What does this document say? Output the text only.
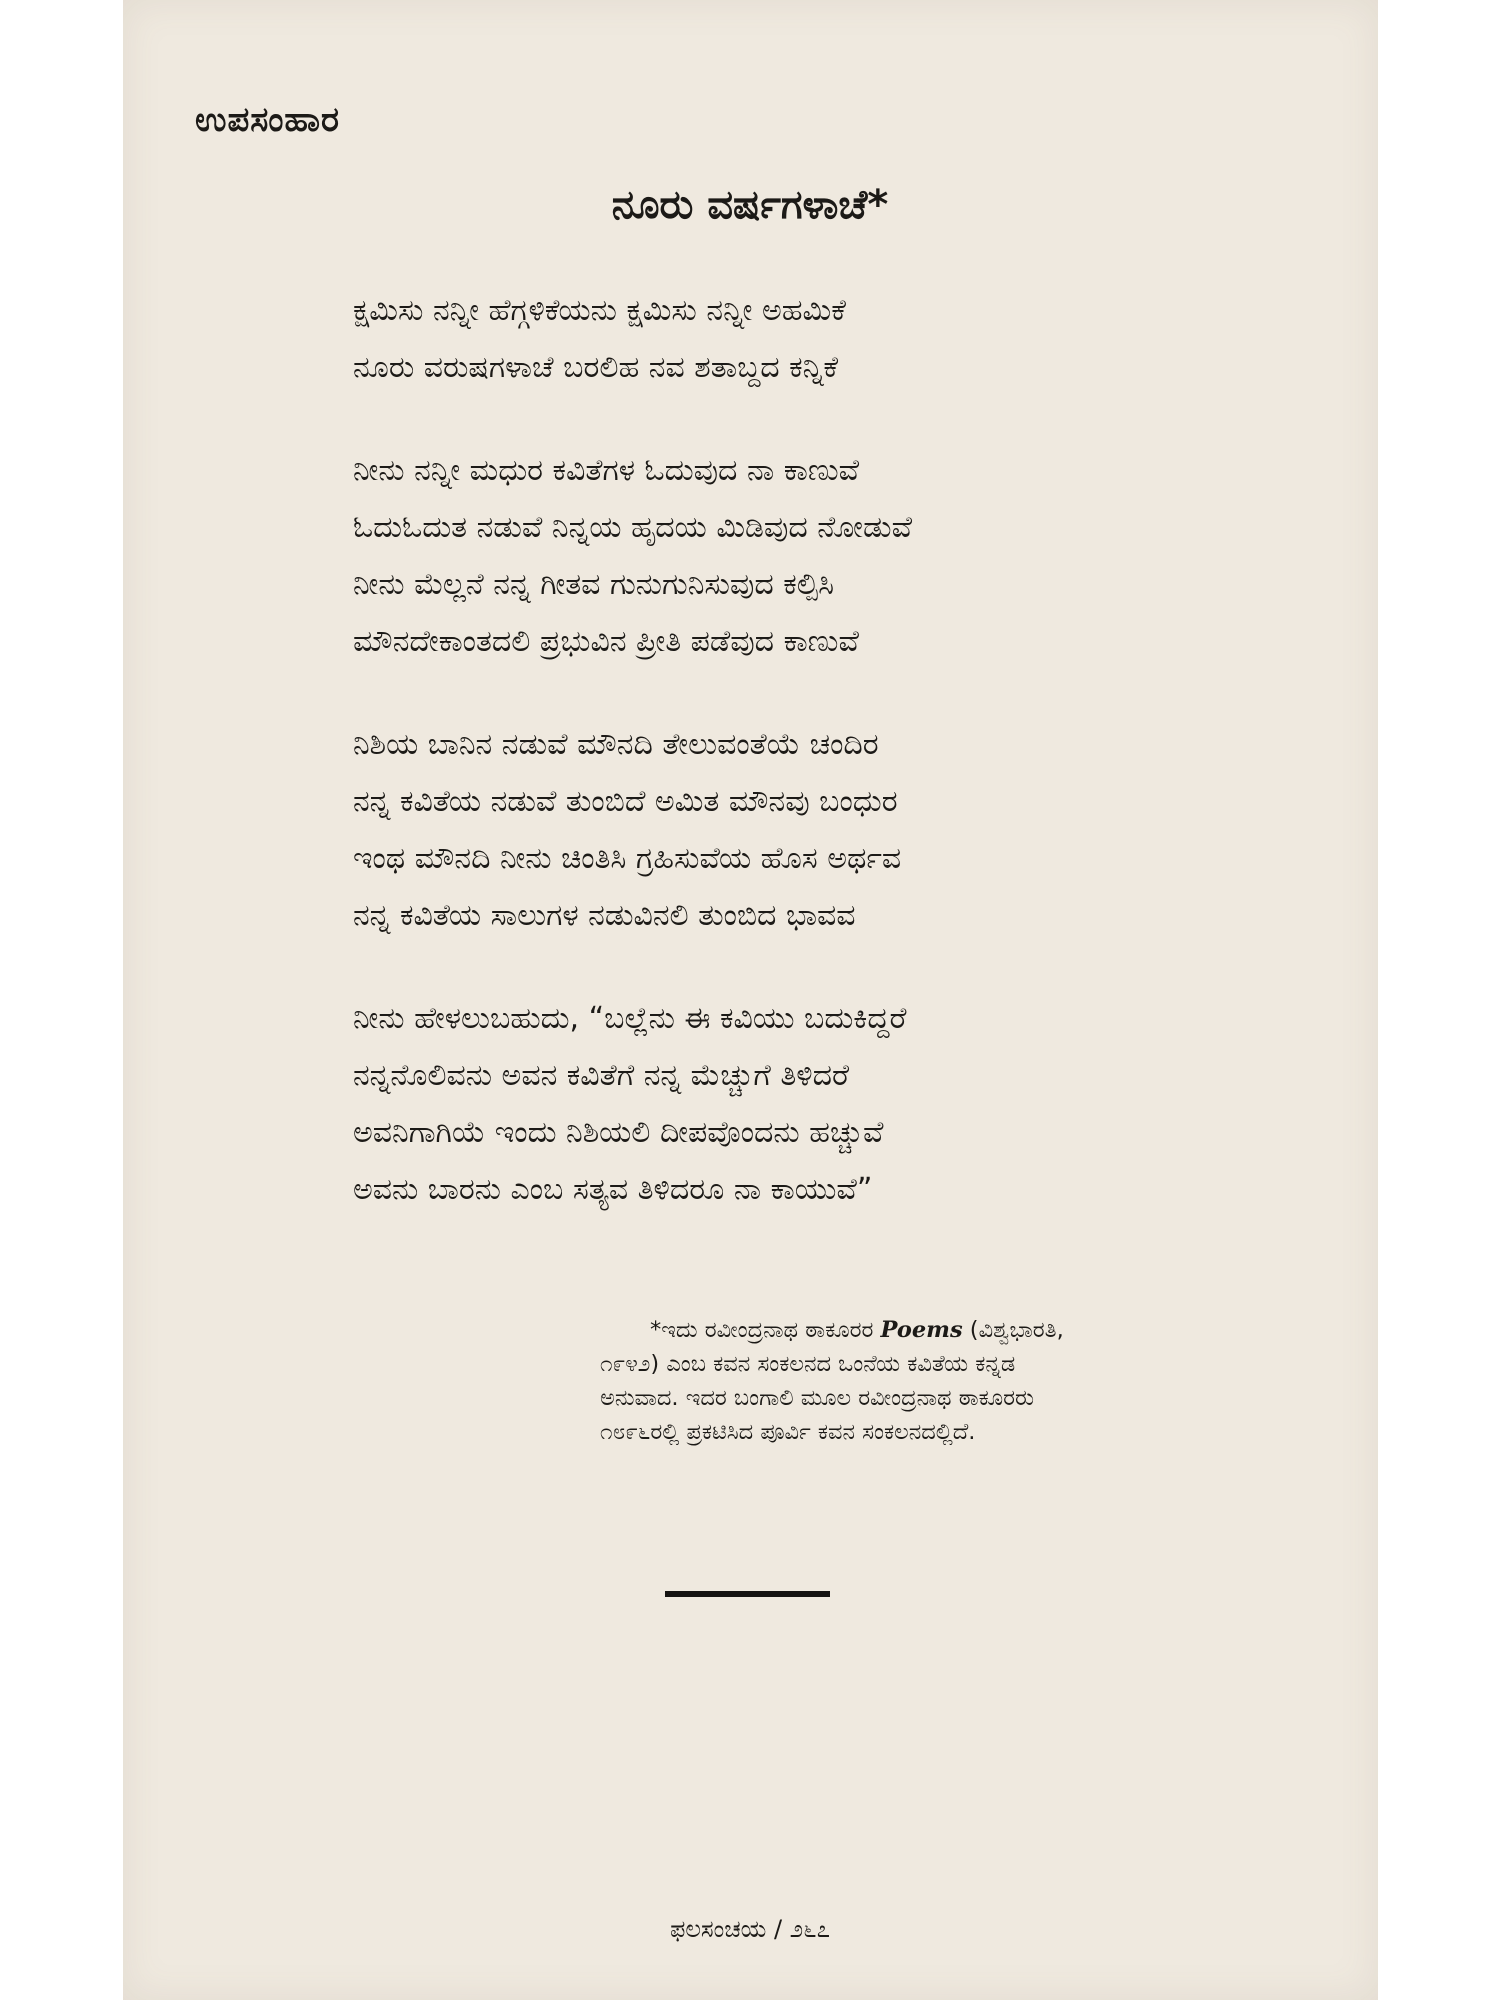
ಉಪಸಂಹಾರ
ನೂರು ವರ್ಷಗಳಾಚೆ*
ಕ್ಷಮಿಸು ನನ್ನೀ ಹೆಗ್ಗಳಿಕೆಯನು ಕ್ಷಮಿಸು ನನ್ನೀ ಅಹಮಿಕೆ
ನೂರು ವರುಷಗಳಾಚೆ ಬರಲಿಹ ನವ ಶತಾಬ್ದದ ಕನ್ನಿಕೆ
ನೀನು ನನ್ನೀ ಮಧುರ ಕವಿತೆಗಳ ಓದುವುದ ನಾ ಕಾಣುವೆ
ಓದುಓದುತ ನಡುವೆ ನಿನ್ನಯ ಹೃದಯ ಮಿಡಿವುದ ನೋಡುವೆ
ನೀನು ಮೆಲ್ಲನೆ ನನ್ನ ಗೀತವ ಗುನುಗುನಿಸುವುದ ಕಲ್ಪಿಸಿ
ಮೌನದೇಕಾಂತದಲಿ ಪ್ರಭುವಿನ ಪ್ರೀತಿ ಪಡೆವುದ ಕಾಣುವೆ
ನಿಶಿಯ ಬಾನಿನ ನಡುವೆ ಮೌನದಿ ತೇಲುವಂತೆಯೆ ಚಂದಿರ
ನನ್ನ ಕವಿತೆಯ ನಡುವೆ ತುಂಬಿದೆ ಅಮಿತ ಮೌನವು ಬಂಧುರ
ಇಂಥ ಮೌನದಿ ನೀನು ಚಿಂತಿಸಿ ಗ್ರಹಿಸುವೆಯ ಹೊಸ ಅರ್ಥವ
ನನ್ನ ಕವಿತೆಯ ಸಾಲುಗಳ ನಡುವಿನಲಿ ತುಂಬಿದ ಭಾವವ
ನೀನು ಹೇಳಲುಬಹುದು, “ಬಲ್ಲೆನು ಈ ಕವಿಯು ಬದುಕಿದ್ದರೆ
ನನ್ನನೊಲಿವನು ಅವನ ಕವಿತೆಗೆ ನನ್ನ ಮೆಚ್ಚುಗೆ ತಿಳಿದರೆ
ಅವನಿಗಾಗಿಯೆ ಇಂದು ನಿಶಿಯಲಿ ದೀಪವೊಂದನು ಹಚ್ಚುವೆ
ಅವನು ಬಾರನು ಎಂಬ ಸತ್ಯವ ತಿಳಿದರೂ ನಾ ಕಾಯುವೆ”
*ಇದು ರವೀಂದ್ರನಾಥ ಠಾಕೂರರ Poems (ವಿಶ್ವಭಾರತಿ,
೧೯೪೨) ಎಂಬ ಕವನ ಸಂಕಲನದ ಒಂನೆಯ ಕವಿತೆಯ ಕನ್ನಡ
ಅನುವಾದ. ಇದರ ಬಂಗಾಲಿ ಮೂಲ ರವೀಂದ್ರನಾಥ ಠಾಕೂರರು
೧೮೯೬ರಲ್ಲಿ ಪ್ರಕಟಿಸಿದ ಪೂರ್ವಿ ಕವನ ಸಂಕಲನದಲ್ಲಿದೆ.
ಫಲಸಂಚಯ / ೨೬೭
